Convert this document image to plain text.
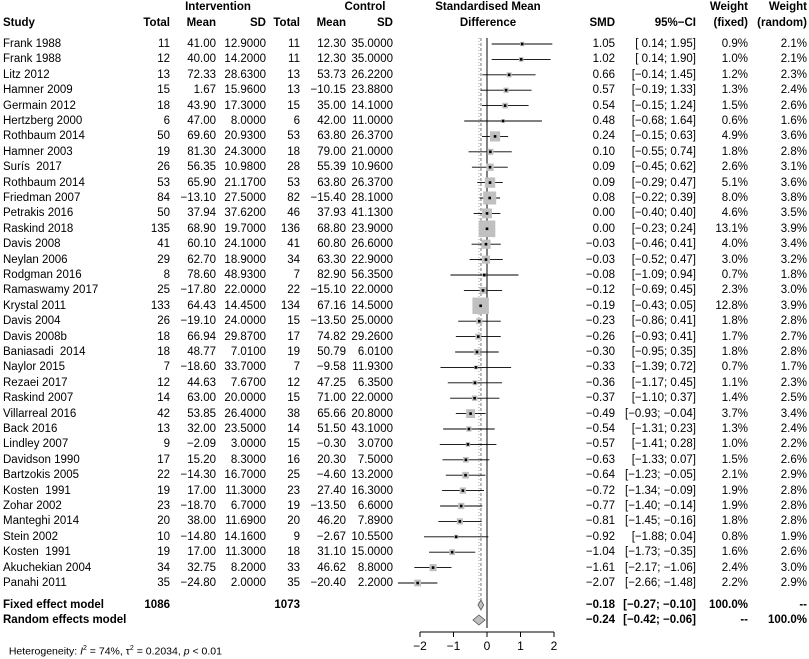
Study
Intervention	Control
Total	Mean	SD Total	Mean	SD
Standardised Mean
Difference	SMD	95%−CI
Weight
(fixed)
Weight
(random)
Frank 1988	11	41.00 12.9000	11	12.30 35.0000	1.05	[ 0.14; 1.95]	0.9%	2.1%
Frank 1988	12	40.00 14.2000	11	12.30 35.0000	1.02	[ 0.14; 1.90]	1.0%	2.1%
Litz 2012	13	72.33 28.6300	13	53.73 26.2200	0.66	[−0.14; 1.45]	1.2%	2.3%
Hamner 2009	15	1.67 15.9600	13 −10.15 23.8800	0.57	[−0.19; 1.33]	1.3%	2.4%
Germain 2012	18	43.90 17.3000	15	35.00 14.1000	0.54	[−0.15; 1.24]	1.5%	2.6%
Hertzberg 2000	6	47.00	8.0000	6	42.00 11.0000	0.48	[−0.68; 1.64]	0.6%	1.6%
Rothbaum 2014	50	69.60 20.9300	53	63.80 26.3700	0.24	[−0.15; 0.63]	4.9%	3.6%
Hamner 2003	19	81.30 24.3000	18	79.00 21.0000	0.10	[−0.55; 0.74]	1.8%	2.8%
Surís  2017	26	56.35 10.9800	28	55.39 10.9600	0.09	[−0.45; 0.62]	2.6%	3.1%
Rothbaum 2014	53	65.90 21.1700	53	63.80 26.3700	0.09	[−0.29; 0.47]	5.1%	3.6%
Friedman 2007	84 −13.10 27.5000	82 −15.40 28.1000	0.08	[−0.22; 0.39]	8.0%	3.8%
Petrakis 2016	50	37.94 37.6200	46	37.93 41.1300	0.00	[−0.40; 0.40]	4.6%	3.5%
Raskind 2018	135	68.90 19.7000	136	68.80 23.9000	0.00	[−0.23; 0.24]	13.1%	3.9%
Davis 2008	41	60.10 24.1000	41	60.80 26.6000	−0.03	[−0.46; 0.41]	4.0%	3.4%
Neylan 2006	29	62.70 18.9000	34	63.30 22.9000	−0.03	[−0.52; 0.47]	3.0%	3.2%
Rodgman 2016	8	78.60 48.9300	7	82.90 56.3500	−0.08	[−1.09; 0.94]	0.7%	1.8%
Ramaswamy 2017	25 −17.80 22.0000	22 −15.10 22.0000	−0.12	[−0.69; 0.45]	2.3%	3.0%
Krystal 2011	133	64.43 14.4500	134	67.16 14.5000	−0.19	[−0.43; 0.05]	12.8%	3.9%
Davis 2004	26 −19.10 24.0000	15 −13.50 25.0000	−0.23	[−0.86; 0.41]	1.8%	2.8%
Davis 2008b	18	66.94 29.8700	17	74.82 29.2600	−0.26	[−0.93; 0.41]	1.7%	2.7%
Baniasadi  2014	18	48.77	7.0100	19	50.79	6.0100	−0.30	[−0.95; 0.35]	1.8%	2.8%
Naylor 2015	7 −18.60 33.7000	7	−9.58 11.9300	−0.33	[−1.39; 0.72]	0.7%	1.7%
Rezaei 2017	12	44.63	7.6700	12	47.25	6.3500	−0.36	[−1.17; 0.45]	1.1%	2.3%
Raskind 2007	14	63.00 20.0000	15	71.00 22.0000	−0.37	[−1.10; 0.37]	1.4%	2.5%
Villarreal 2016	42	53.85 26.4000	38	65.66 20.8000	−0.49 [−0.93; −0.04]	3.7%	3.4%
Back 2016	13	32.00 23.5000	14	51.50 43.1000	−0.54	[−1.31; 0.23]	1.3%	2.4%
Lindley 2007	9	−2.09	3.0000	15	−0.30	3.0700	−0.57	[−1.41; 0.28]	1.0%	2.2%
Davidson 1990	17	15.20	8.3000	16	20.30	7.5000	−0.63	[−1.33; 0.07]	1.5%	2.6%
Bartzokis 2005	22 −14.30 16.7000	25	−4.60 13.2000	−0.64 [−1.23; −0.05]	2.1%	2.9%
Kosten  1991	19	17.00 11.3000	23	27.40 16.3000	−0.72 [−1.34; −0.09]	1.9%	2.8%
Zohar 2002	23 −18.70	6.7000	19 −13.50	6.6000	−0.77 [−1.40; −0.14]	1.9%	2.8%
Manteghi 2014	20	38.00 11.6900	20	46.20	7.8900	−0.81 [−1.45; −0.16]	1.8%	2.8%
Stein 2002	10 −14.80 14.1600	9	−2.67 10.5500	−0.92	[−1.88; 0.04]	0.8%	1.9%
Kosten  1991	19	17.00 11.3000	18	31.10 15.0000	−1.04 [−1.73; −0.35]	1.6%	2.6%
Akuchekian 2004	34	32.75	8.2000	33	46.62	8.8000	−1.61 [−2.17; −1.06]	2.4%	3.0%
Panahi 2011	35 −24.80	2.0000	35 −20.40	2.2000	−2.07 [−2.66; −1.48]	2.2%	2.9%
Fixed effect model	1086	1073	−0.18 [−0.27; −0.10]	100.0%	--
Random effects model	−0.24 [−0.42; −0.06]	--	100.0%

Heterogeneity: $I^2 = 74\%$, $\tau^2 = 0.2034$, p < 0.01	−2 −1 0 1 2
